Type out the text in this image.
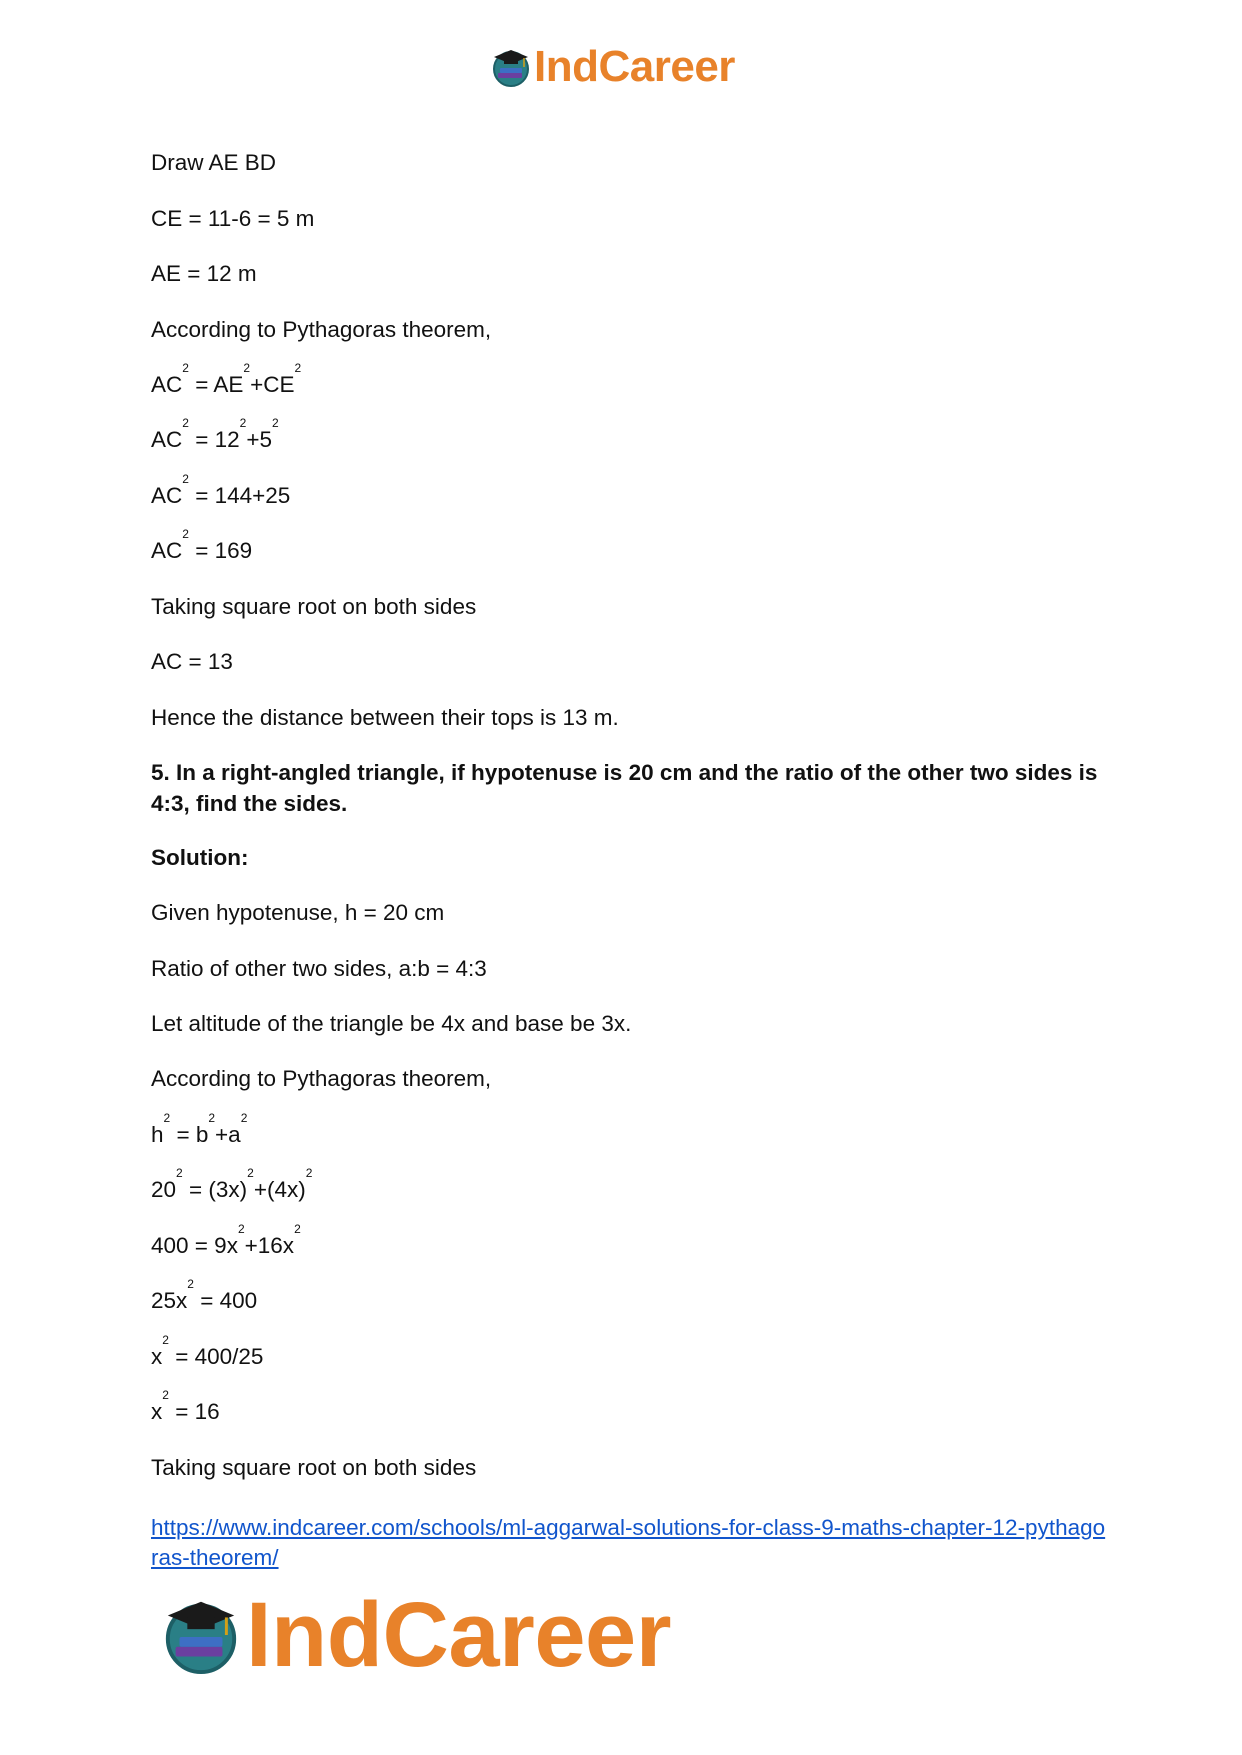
IndCareer
Draw AE BD
CE = 11-6 = 5 m
AE = 12 m
According to Pythagoras theorem,
$AC^2 = AE^2+CE^2$
$AC^2 = 12^2+5^2$
$AC^2 = 144+25$
$AC^2 = 169$
Taking square root on both sides
AC = 13
Hence the distance between their tops is 13 m.
5. In a right-angled triangle, if hypotenuse is 20 cm and the ratio of the other two sides is 4:3, find the sides.
Solution:
Given hypotenuse, h = 20 cm
Ratio of other two sides, a:b = 4:3
Let altitude of the triangle be 4x and base be 3x.
According to Pythagoras theorem,
$h^2 = b^2+a^2$
$20^2 = (3x)^2+(4x)^2$
$400 = 9x^2+16x^2$
$25x^2 = 400$
$x^2 = 400/25$
$x^2 = 16$
Taking square root on both sides
https://www.indcareer.com/schools/ml-aggarwal-solutions-for-class-9-maths-chapter-12-pythagoras-theorem/
IndCareer
